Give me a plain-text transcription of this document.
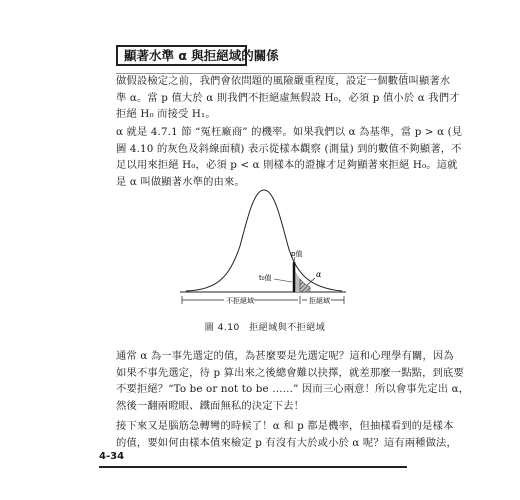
顯著水準 α 與拒絕域的關係
做假設檢定之前，我們會依問題的風險嚴重程度，設定一個數值叫顯著水
準 α。當 p 值大於 α 則我們不拒絕虛無假設 H₀，必須 p 值小於 α 我們才
拒絕 H₀ 而接受 H₁。
α 就是 4.7.1 節 “冤枉廠商” 的機率。如果我們以 α 為基準，當 p > α (見
圖 4.10 的灰色及斜線面積) 表示從樣本觀察 (測量) 到的數值不夠顯著，不
足以用來拒絕 H₀，必須 p < α 則樣本的證據才足夠顯著來拒絕 H₀。這就
是 α 叫做顯著水準的由來。
p值
t₀值	α
不拒絕域	拒絕域
圖 4.10　拒絕域與不拒絕域
通常 α 為一事先選定的值，為甚麼要是先選定呢？這和心理學有關，因為
如果不事先選定，待 p 算出來之後總會難以抉擇，就差那麼一點點，到底要
不要拒絕？“To be or not to be ……” 因而三心兩意！所以會事先定出 α，
然後一翻兩瞪眼、鐵面無私的決定下去！
接下來又是腦筋急轉彎的時候了！α 和 p 都是機率，但抽樣看到的是樣本
的值，要如何由樣本值來檢定 p 有沒有大於或小於 α 呢？這有兩種做法，
4-34
